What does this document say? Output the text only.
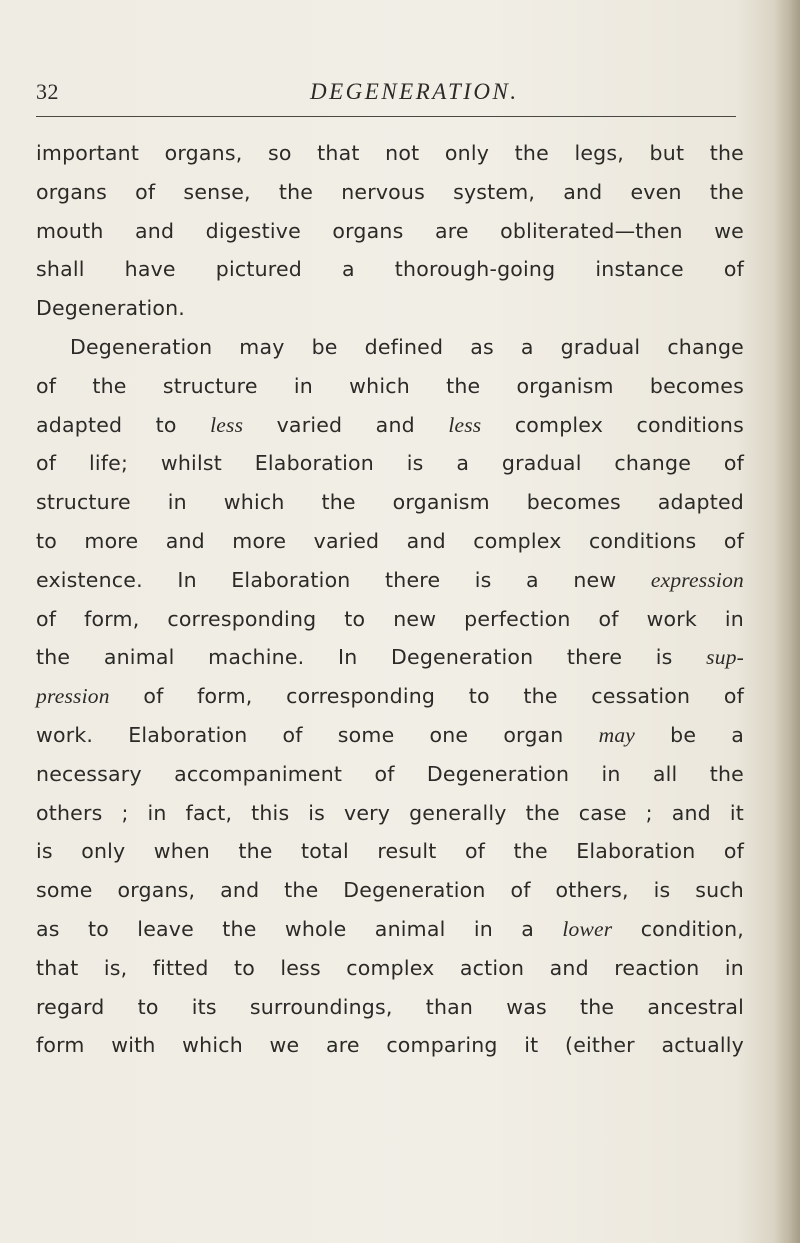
32	DEGENERATION.
important organs, so that not only the legs, but the
organs of sense, the nervous system, and even the
mouth and digestive organs are obliterated—then we
shall have pictured a thorough-going instance of
Degeneration.
Degeneration may be defined as a gradual change
of the structure in which the organism becomes
adapted to less varied and less complex conditions
of life; whilst Elaboration is a gradual change of
structure in which the organism becomes adapted
to more and more varied and complex conditions of
existence. In Elaboration there is a new expression
of form, corresponding to new perfection of work in
the animal machine. In Degeneration there is sup-
pression of form, corresponding to the cessation of
work. Elaboration of some one organ may be a
necessary accompaniment of Degeneration in all the
others ; in fact, this is very generally the case ; and it
is only when the total result of the Elaboration of
some organs, and the Degeneration of others, is such
as to leave the whole animal in a lower condition,
that is, fitted to less complex action and reaction in
regard to its surroundings, than was the ancestral
form with which we are comparing it (either actually
